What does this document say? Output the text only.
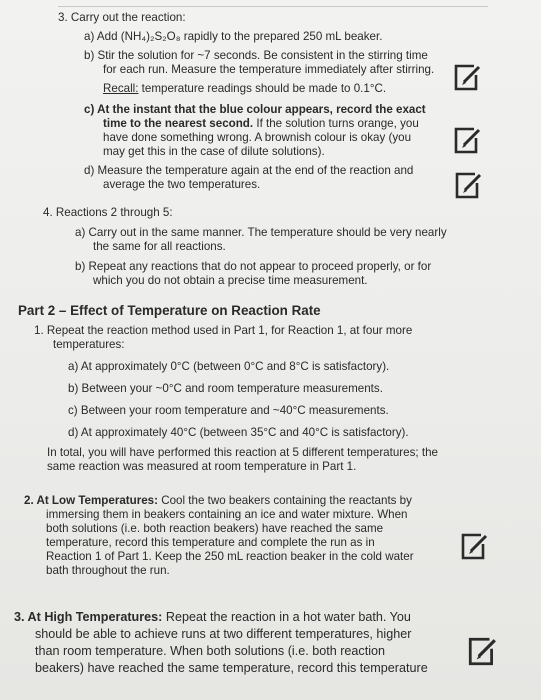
3. Carry out the reaction:
a) Add (NH₄)₂S₂O₈ rapidly to the prepared 250 mL beaker.
b) Stir the solution for ~7 seconds. Be consistent in the stirring time
for each run. Measure the temperature immediately after stirring.
Recall: temperature readings should be made to 0.1°C.
c) At the instant that the blue colour appears, record the exact
time to the nearest second. If the solution turns orange, you
have done something wrong. A brownish colour is okay (you
may get this in the case of dilute solutions).
d) Measure the temperature again at the end of the reaction and
average the two temperatures.
4. Reactions 2 through 5:
a) Carry out in the same manner. The temperature should be very nearly
the same for all reactions.
b) Repeat any reactions that do not appear to proceed properly, or for
which you do not obtain a precise time measurement.
Part 2 – Effect of Temperature on Reaction Rate
1. Repeat the reaction method used in Part 1, for Reaction 1, at four more
temperatures:
a) At approximately 0°C (between 0°C and 8°C is satisfactory).
b) Between your ~0°C and room temperature measurements.
c) Between your room temperature and ~40°C measurements.
d) At approximately 40°C (between 35°C and 40°C is satisfactory).
In total, you will have performed this reaction at 5 different temperatures; the
same reaction was measured at room temperature in Part 1.
2. At Low Temperatures: Cool the two beakers containing the reactants by
immersing them in beakers containing an ice and water mixture. When
both solutions (i.e. both reaction beakers) have reached the same
temperature, record this temperature and complete the run as in
Reaction 1 of Part 1. Keep the 250 mL reaction beaker in the cold water
bath throughout the run.
3. At High Temperatures: Repeat the reaction in a hot water bath. You
should be able to achieve runs at two different temperatures, higher
than room temperature. When both solutions (i.e. both reaction
beakers) have reached the same temperature, record this temperature
